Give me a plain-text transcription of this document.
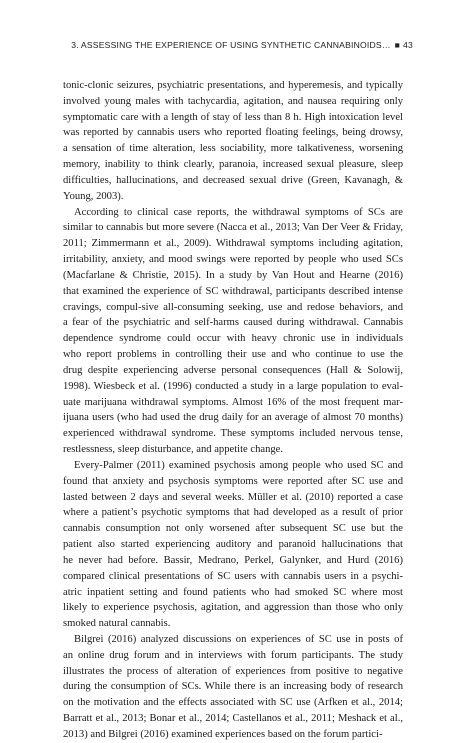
3. ASSESSING THE EXPERIENCE OF USING SYNTHETIC CANNABINOIDS… ■ 43
tonic-clonic seizures, psychiatric presentations, and hyperemesis, and typically
involved young males with tachycardia, agitation, and nausea requiring only
symptomatic care with a length of stay of less than 8 h. High intoxication level
was reported by cannabis users who reported floating feelings, being drowsy,
a sensation of time alteration, less sociability, more talkativeness, worsening
memory, inability to think clearly, paranoia, increased sexual pleasure, sleep
difficulties, hallucinations, and decreased sexual drive (Green, Kavanagh, &
Young, 2003).
According to clinical case reports, the withdrawal symptoms of SCs are
similar to cannabis but more severe (Nacca et al., 2013; Van Der Veer & Friday,
2011; Zimmermann et al., 2009). Withdrawal symptoms including agitation,
irritability, anxiety, and mood swings were reported by people who used SCs
(Macfarlane & Christie, 2015). In a study by Van Hout and Hearne (2016)
that examined the experience of SC withdrawal, participants described intense
cravings, compul-sive all-consuming seeking, use and redose behaviors, and
a fear of the psychiatric and self-harms caused during withdrawal. Cannabis
dependence syndrome could occur with heavy chronic use in individuals
who report problems in controlling their use and who continue to use the
drug despite experiencing adverse personal consequences (Hall & Solowij,
1998). Wiesbeck et al. (1996) conducted a study in a large population to eval-
uate marijuana withdrawal symptoms. Almost 16% of the most frequent mar-
ijuana users (who had used the drug daily for an average of almost 70 months)
experienced withdrawal syndrome. These symptoms included nervous tense,
restlessness, sleep disturbance, and appetite change.
Every-Palmer (2011) examined psychosis among people who used SC and
found that anxiety and psychosis symptoms were reported after SC use and
lasted between 2 days and several weeks. Müller et al. (2010) reported a case
where a patient’s psychotic symptoms that had developed as a result of prior
cannabis consumption not only worsened after subsequent SC use but the
patient also started experiencing auditory and paranoid hallucinations that
he never had before. Bassir, Medrano, Perkel, Galynker, and Hurd (2016)
compared clinical presentations of SC users with cannabis users in a psychi-
atric inpatient setting and found patients who had smoked SC where most
likely to experience psychosis, agitation, and aggression than those who only
smoked natural cannabis.
Bilgrei (2016) analyzed discussions on experiences of SC use in posts of
an online drug forum and in interviews with forum participants. The study
illustrates the process of alteration of experiences from positive to negative
during the consumption of SCs. While there is an increasing body of research
on the motivation and the effects associated with SC use (Arfken et al., 2014;
Barratt et al., 2013; Bonar et al., 2014; Castellanos et al., 2011; Meshack et al.,
2013) and Bilgrei (2016) examined experiences based on the forum partici-
